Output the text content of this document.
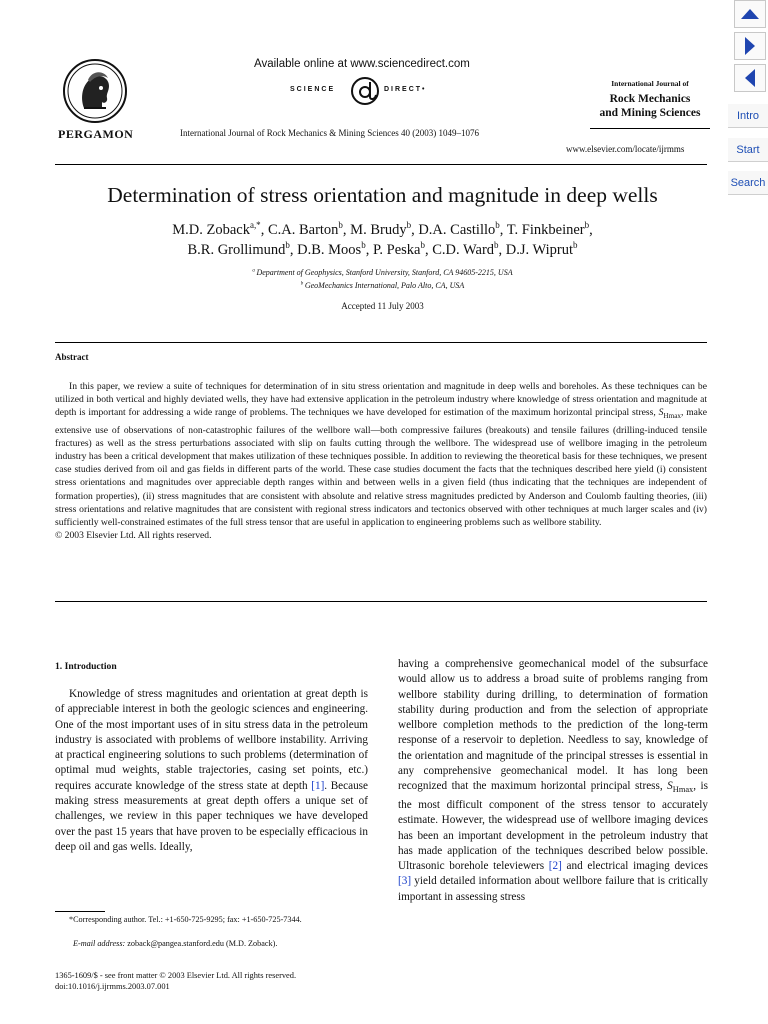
PERGAMON
Available online at www.sciencedirect.com
SCIENCE	DIRECT•
International Journal of Rock Mechanics & Mining Sciences 40 (2003) 1049–1076
International Journal of
Rock Mechanics
and Mining Sciences
www.elsevier.com/locate/ijrmms
Determination of stress orientation and magnitude in deep wells
M.D. Zoback$^{a,*}$, C.A. Barton$^b$, M. Brudy$^b$, D.A. Castillo$^b$, T. Finkbeiner$^b$,
B.R. Grollimund$^b$, D.B. Moos$^b$, P. Peska$^b$, C.D. Ward$^b$, D.J. Wiprut$^b$
$^a$  Department of Geophysics, Stanford University, Stanford, CA 94605-2215, USA
$^b$  GeoMechanics International, Palo Alto, CA, USA
Accepted 11 July 2003
Abstract

In this paper, we review a suite of techniques for determination of in situ stress orientation and magnitude in deep wells and boreholes. As these techniques can be utilized in both vertical and highly deviated wells, they have had extensive application in the petroleum industry where knowledge of stress orientation and magnitude at depth is important for addressing a wide range of problems. The techniques we have developed for estimation of the maximum horizontal principal stress, $S_{Hmax}$, make extensive use of observations of non-catastrophic failures of the wellbore wall—both compressive failures (breakouts) and tensile failures (drilling-induced tensile fractures) as well as the stress perturbations associated with slip on faults cutting through the wellbore. The widespread use of wellbore imaging in the petroleum industry has been a critical development that makes utilization of these techniques possible. In addition to reviewing the theoretical basis for these techniques, we present case studies derived from oil and gas fields in different parts of the world. These case studies document the facts that the techniques described here yield (i) consistent stress orientations and magnitudes over appreciable depth ranges within and between wells in a given field (thus indicating that the techniques are independent of formation properties), (ii) stress magnitudes that are consistent with absolute and relative stress magnitudes predicted by Anderson and Coulomb faulting theories, (iii) stress orientations and relative magnitudes that are consistent with regional stress indicators and tectonics observed with other techniques at much larger scales and (iv) sufficiently well-constrained estimates of the full stress tensor that are useful in application to engineering problems such as wellbore stability.

© 2003 Elsevier Ltd. All rights reserved.

1. Introduction
Knowledge of stress magnitudes and orientation at great depth is of appreciable interest in both the geologic sciences and engineering. One of the most important uses of in situ stress data in the petroleum industry is associated with problems of wellbore instability. Arriving at practical engineering solutions to such problems (determination of optimal mud weights, stable trajectories, casing set points, etc.) requires accurate knowledge of the stress state at depth [1]. Because making stress measurements at great depth offers a unique set of challenges, we review in this paper techniques we have developed over the past 15 years that have proven to be especially efficacious in deep oil and gas wells. Ideally,
having a comprehensive geomechanical model of the subsurface would allow us to address a broad suite of problems ranging from wellbore stability during drilling, to determination of formation stability during production and from the selection of appropriate wellbore completion methods to the prediction of the long-term response of a reservoir to depletion. Needless to say, knowledge of the orientation and magnitude of the principal stresses is essential in any comprehensive geomechanical model. It has long been recognized that the maximum horizontal principal stress, $S_{Hmax}$, is the most difficult component of the stress tensor to accurately estimate. However, the widespread use of wellbore imaging devices has been an important development in the petroleum industry that has made application of the techniques described below possible. Ultrasonic borehole televiewers [2] and electrical imaging devices [3] yield detailed information about wellbore failure that is critically important in assessing stress
*Corresponding author. Tel.: +1-650-725-9295; fax: +1-650-725-7344.
E-mail address: zoback@pangea.stanford.edu (M.D. Zoback).
1365-1609/$ - see front matter © 2003 Elsevier Ltd. All rights reserved.
doi:10.1016/j.ijrmms.2003.07.001
Intro
Start
Search
